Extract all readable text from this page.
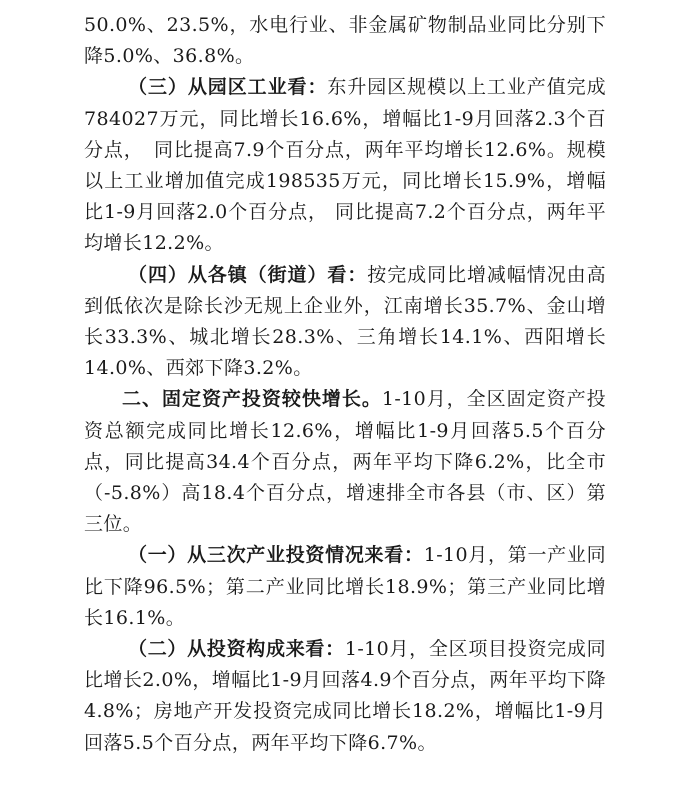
50.0%、23.5%，水电行业、非金属矿物制品业同比分别下降5.0%、36.8%。

（三）从园区工业看：东升园区规模以上工业产值完成784027万元，同比增长16.6%，增幅比1-9月回落2.3个百分点，　同比提高7.9个百分点，两年平均增长12.6%。规模以上工业增加值完成198535万元，同比增长15.9%，增幅比1-9月回落2.0个百分点， 同比提高7.2个百分点，两年平均增长12.2%。

（四）从各镇（街道）看：按完成同比增减幅情况由高到低依次是除长沙无规上企业外，江南增长35.7%、金山增长33.3%、城北增长28.3%、三角增长14.1%、西阳增长14.0%、西郊下降3.2%。

二、固定资产投资较快增长。1-10月，全区固定资产投资总额完成同比增长12.6%，增幅比1-9月回落5.5个百分点，同比提高34.4个百分点，两年平均下降6.2%，比全市（-5.8%）高18.4个百分点，增速排全市各县（市、区）第三位。

（一）从三次产业投资情况来看：1-10月，第一产业同比下降96.5%；第二产业同比增长18.9%；第三产业同比增长16.1%。

（二）从投资构成来看：1-10月，全区项目投资完成同比增长2.0%，增幅比1-9月回落4.9个百分点，两年平均下降4.8%；房地产开发投资完成同比增长18.2%，增幅比1-9月回落5.5个百分点，两年平均下降6.7%。
